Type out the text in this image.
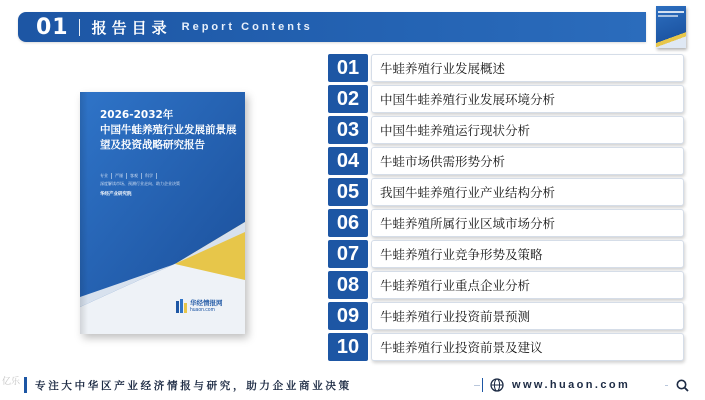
01 报告目录 Report Contents
2026-2032年
中国牛蛙养殖行业发展前景展
望及投资战略研究报告
专业	严谨	客观	科学
深度解读市场、预测行业走向、助力企业决策
华经产业研究院
华经情报网
huaon.com
01	牛蛙养殖行业发展概述
02	中国牛蛙养殖行业发展环境分析
03	中国牛蛙养殖运行现状分析
04	牛蛙市场供需形势分析
05	我国牛蛙养殖行业产业结构分析
06	牛蛙养殖所属行业区域市场分析
07	牛蛙养殖行业竞争形势及策略
08	牛蛙养殖行业重点企业分析
09	牛蛙养殖行业投资前景预测
10	牛蛙养殖行业投资前景及建议
专注大中华区产业经济情报与研究，助力企业商业决策	www.huaon.com
亿乐
